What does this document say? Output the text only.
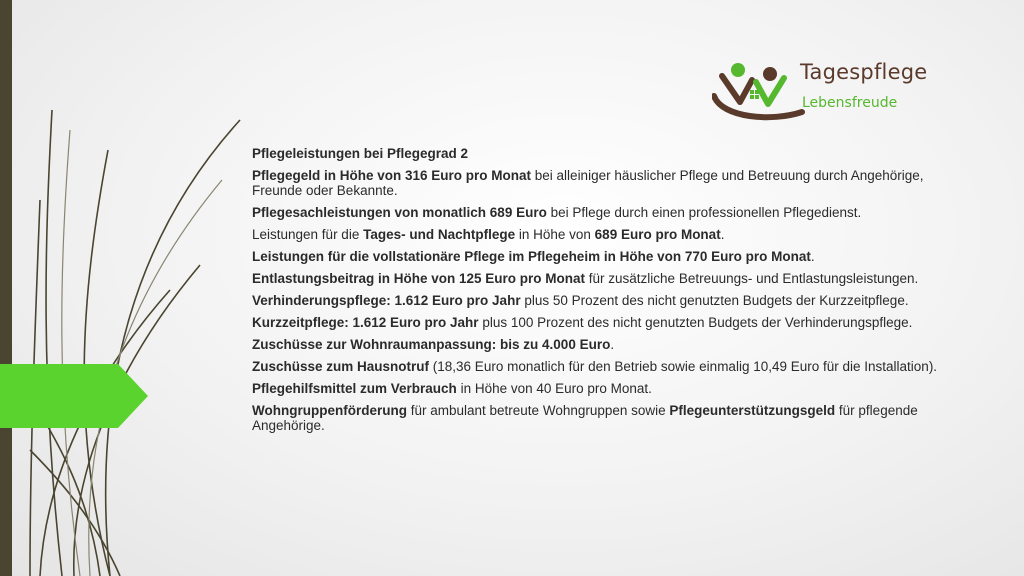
Tagespflege
Lebensfreude

Pflegeleistungen bei Pflegegrad 2

Pflegegeld in Höhe von 316 Euro pro Monat bei alleiniger häuslicher Pflege und Betreuung durch Angehörige, Freunde oder Bekannte.

Pflegesachleistungen von monatlich 689 Euro bei Pflege durch einen professionellen Pflegedienst.

Leistungen für die Tages- und Nachtpflege in Höhe von 689 Euro pro Monat.

Leistungen für die vollstationäre Pflege im Pflegeheim in Höhe von 770 Euro pro Monat.

Entlastungsbeitrag in Höhe von 125 Euro pro Monat für zusätzliche Betreuungs- und Entlastungsleistungen.

Verhinderungspflege: 1.612 Euro pro Jahr plus 50 Prozent des nicht genutzten Budgets der Kurzzeitpflege.

Kurzzeitpflege: 1.612 Euro pro Jahr plus 100 Prozent des nicht genutzten Budgets der Verhinderungspflege.

Zuschüsse zur Wohnraumanpassung: bis zu 4.000 Euro.

Zuschüsse zum Hausnotruf (18,36 Euro monatlich für den Betrieb sowie einmalig 10,49 Euro für die Installation).

Pflegehilfsmittel zum Verbrauch in Höhe von 40 Euro pro Monat.

Wohngruppenförderung für ambulant betreute Wohngruppen sowie Pflegeunterstützungsgeld für pflegende Angehörige.
